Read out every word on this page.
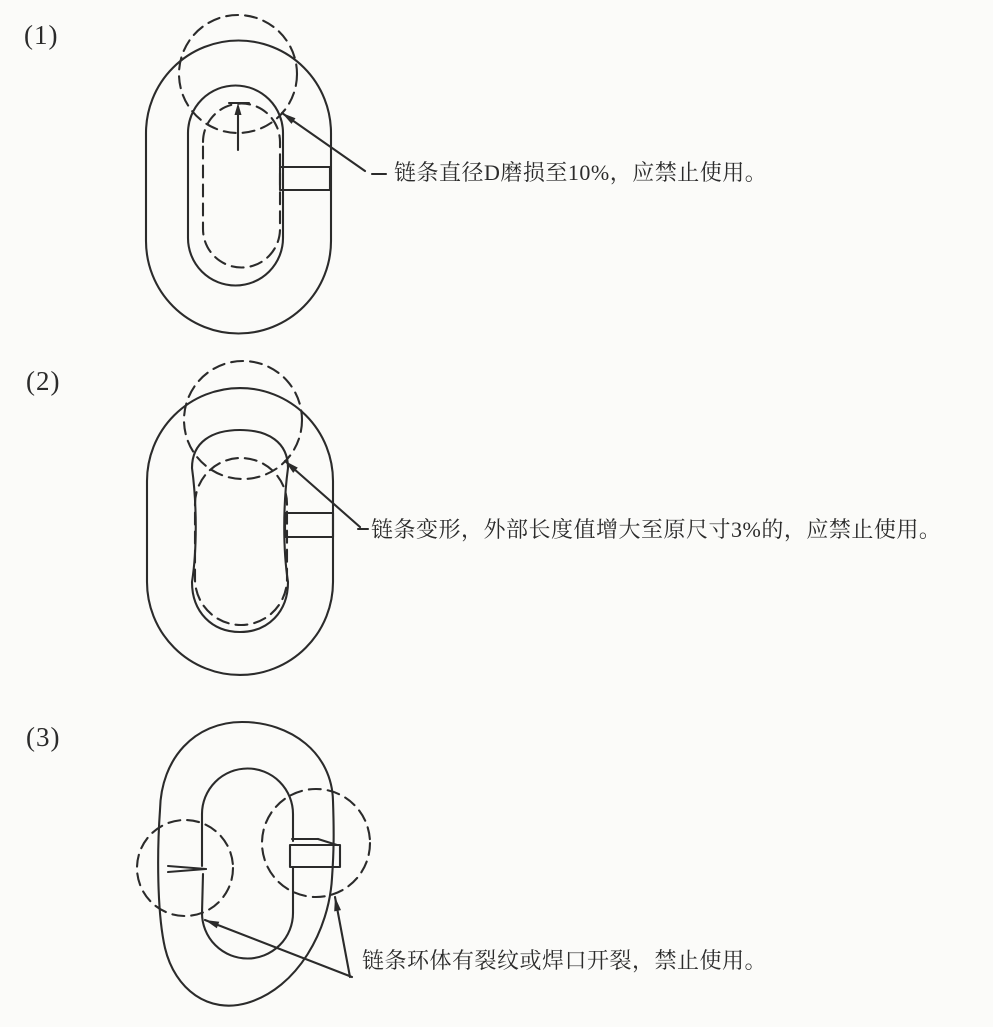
(1)
(2)
(3)
链条直径D磨损至10%，应禁止使用。
链条变形，外部长度值增大至原尺寸3%的，应禁止使用。
链条环体有裂纹或焊口开裂，禁止使用。
